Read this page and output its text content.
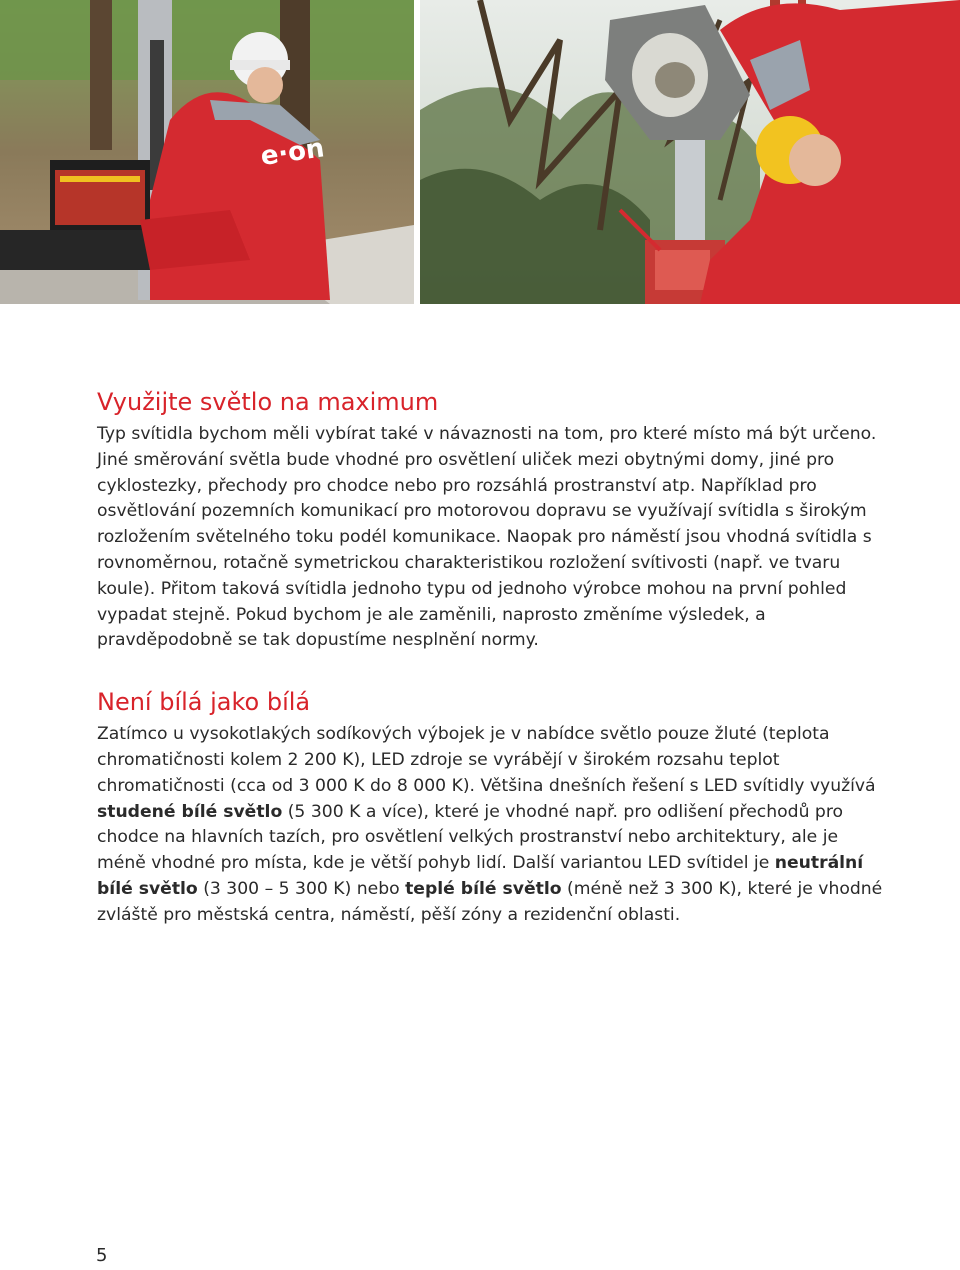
e·on
Využijte světlo na maximum

Typ svítidla bychom měli vybírat také v návaznosti na tom, pro které místo má být určeno. Jiné směrování světla bude vhodné pro osvětlení uliček mezi obytnými domy, jiné pro cyklostezky, přechody pro chodce nebo pro rozsáhlá prostranství atp. Například pro osvětlování pozemních komunikací pro motorovou dopravu se využívají svítidla s širokým rozložením světelného toku podél komunikace. Naopak pro náměstí jsou vhodná svítidla s rovnoměrnou, rotačně symetrickou charakteristikou rozložení svítivosti (např. ve tvaru koule). Přitom taková svítidla jednoho typu od jednoho výrobce mohou na první pohled vypadat stejně. Pokud bychom je ale zaměnili, naprosto změníme výsledek, a pravděpodobně se tak dopustíme nesplnění normy.

Není bílá jako bílá

Zatímco u vysokotlakých sodíkových výbojek je v nabídce světlo pouze žluté (teplota chromatičnosti kolem 2 200 K), LED zdroje se vyrábějí v širokém rozsahu teplot chromatičnosti (cca od 3 000 K do 8 000 K). Většina dnešních řešení s LED svítidly využívá studené bílé světlo (5 300 K a více), které je vhodné např. pro odlišení přechodů pro chodce na hlavních tazích, pro osvětlení velkých prostranství nebo architektury, ale je méně vhodné pro místa, kde je větší pohyb lidí. Další variantou LED svítidel je neutrální bílé světlo (3 300 – 5 300 K) nebo teplé bílé světlo (méně než 3 300 K), které je vhodné zvláště pro městská centra, náměstí, pěší zóny a rezidenční oblasti.

5
